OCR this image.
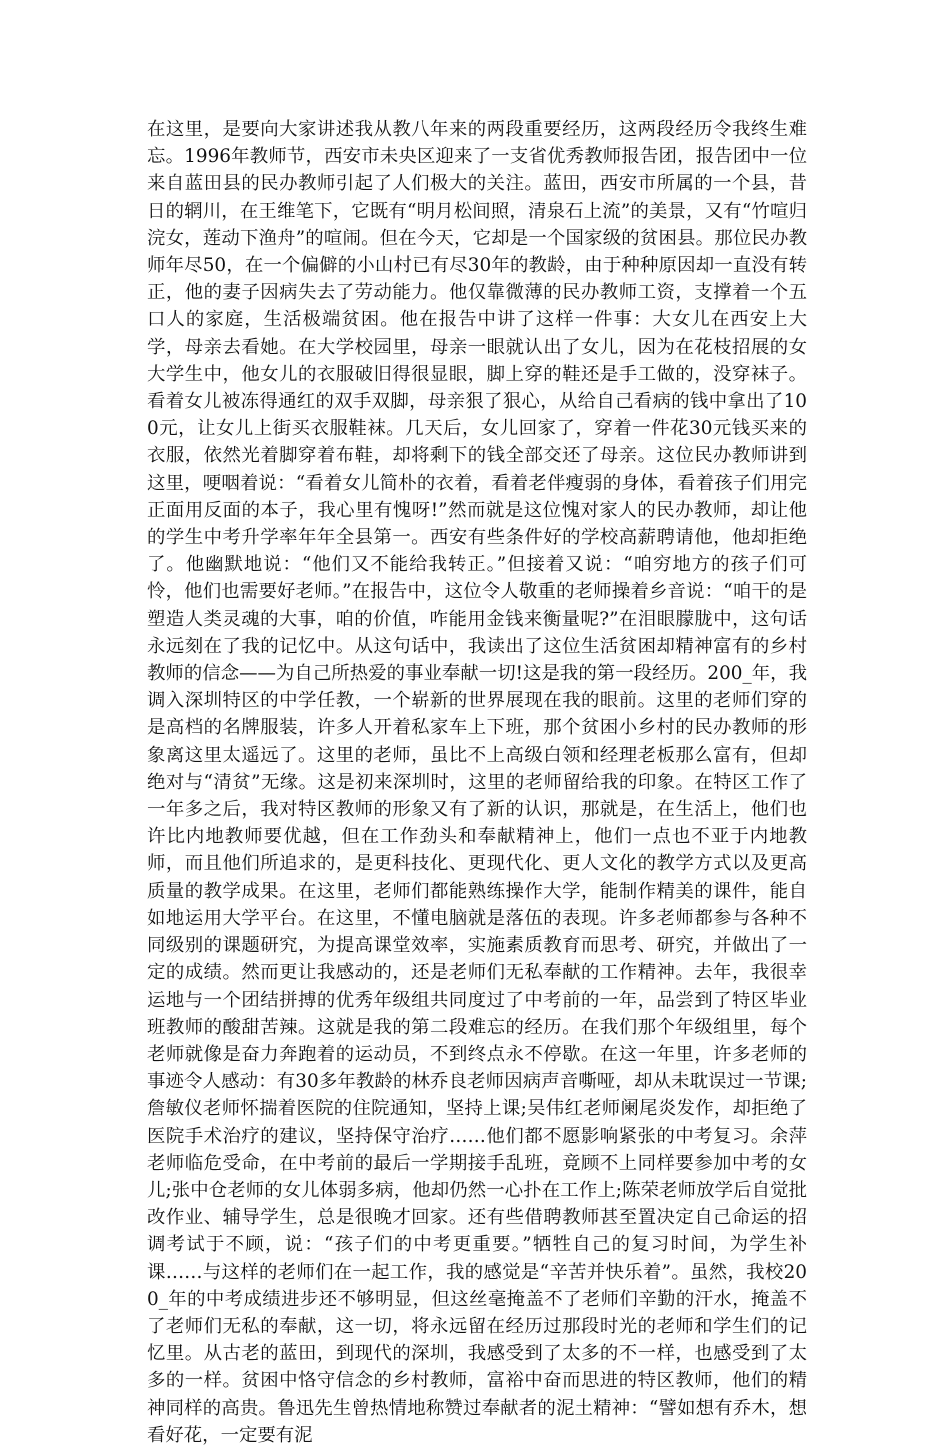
在这里，是要向大家讲述我从教八年来的两段重要经历，这两段经历令我终生难忘。1996年教师节，西安市未央区迎来了一支省优秀教师报告团，报告团中一位来自蓝田县的民办教师引起了人们极大的关注。蓝田，西安市所属的一个县，昔日的辋川，在王维笔下，它既有“明月松间照，清泉石上流”的美景，又有“竹喧归浣女，莲动下渔舟”的喧闹。但在今天，它却是一个国家级的贫困县。那位民办教师年尽50，在一个偏僻的小山村已有尽30年的教龄，由于种种原因却一直没有转正，他的妻子因病失去了劳动能力。他仅靠微薄的民办教师工资，支撑着一个五口人的家庭，生活极端贫困。他在报告中讲了这样一件事：大女儿在西安上大学，母亲去看她。在大学校园里，母亲一眼就认出了女儿，因为在花枝招展的女大学生中，他女儿的衣服破旧得很显眼，脚上穿的鞋还是手工做的，没穿袜子。看着女儿被冻得通红的双手双脚，母亲狠了狠心，从给自己看病的钱中拿出了100元，让女儿上街买衣服鞋袜。几天后，女儿回家了，穿着一件花30元钱买来的衣服，依然光着脚穿着布鞋，却将剩下的钱全部交还了母亲。这位民办教师讲到这里，哽咽着说：“看着女儿简朴的衣着，看着老伴瘦弱的身体，看着孩子们用完正面用反面的本子，我心里有愧呀!”然而就是这位愧对家人的民办教师，却让他的学生中考升学率年年全县第一。西安有些条件好的学校高薪聘请他，他却拒绝了。他幽默地说：“他们又不能给我转正。”但接着又说：“咱穷地方的孩子们可怜，他们也需要好老师。”在报告中，这位令人敬重的老师操着乡音说：“咱干的是塑造人类灵魂的大事，咱的价值，咋能用金钱来衡量呢?”在泪眼朦胧中，这句话永远刻在了我的记忆中。从这句话中，我读出了这位生活贫困却精神富有的乡村教师的信念——为自己所热爱的事业奉献一切!这是我的第一段经历。200_年，我调入深圳特区的中学任教，一个崭新的世界展现在我的眼前。这里的老师们穿的是高档的名牌服装，许多人开着私家车上下班，那个贫困小乡村的民办教师的形象离这里太遥远了。这里的老师，虽比不上高级白领和经理老板那么富有，但却绝对与“清贫”无缘。这是初来深圳时，这里的老师留给我的印象。在特区工作了一年多之后，我对特区教师的形象又有了新的认识，那就是，在生活上，他们也许比内地教师要优越，但在工作劲头和奉献精神上，他们一点也不亚于内地教师，而且他们所追求的，是更科技化、更现代化、更人文化的教学方式以及更高质量的教学成果。在这里，老师们都能熟练操作大学，能制作精美的课件，能自如地运用大学平台。在这里，不懂电脑就是落伍的表现。许多老师都参与各种不同级别的课题研究，为提高课堂效率，实施素质教育而思考、研究，并做出了一定的成绩。然而更让我感动的，还是老师们无私奉献的工作精神。去年，我很幸运地与一个团结拼搏的优秀年级组共同度过了中考前的一年，品尝到了特区毕业班教师的酸甜苦辣。这就是我的第二段难忘的经历。在我们那个年级组里，每个老师就像是奋力奔跑着的运动员，不到终点永不停歇。在这一年里，许多老师的事迹令人感动：有30多年教龄的林乔良老师因病声音嘶哑，却从未耽误过一节课;詹敏仪老师怀揣着医院的住院通知，坚持上课;吴伟红老师阑尾炎发作，却拒绝了医院手术治疗的建议，坚持保守治疗……他们都不愿影响紧张的中考复习。余萍老师临危受命，在中考前的最后一学期接手乱班，竟顾不上同样要参加中考的女儿;张中仓老师的女儿体弱多病，他却仍然一心扑在工作上;陈荣老师放学后自觉批改作业、辅导学生，总是很晚才回家。还有些借聘教师甚至置决定自己命运的招调考试于不顾，说：“孩子们的中考更重要。”牺牲自己的复习时间，为学生补课……与这样的老师们在一起工作，我的感觉是“辛苦并快乐着”。虽然，我校200_年的中考成绩进步还不够明显，但这丝毫掩盖不了老师们辛勤的汗水，掩盖不了老师们无私的奉献，这一切，将永远留在经历过那段时光的老师和学生们的记忆里。从古老的蓝田，到现代的深圳，我感受到了太多的不一样，也感受到了太多的一样。贫困中恪守信念的乡村教师，富裕中奋而思进的特区教师，他们的精神同样的高贵。鲁迅先生曾热情地称赞过奉献者的泥土精神：“譬如想有乔木，想看好花，一定要有泥
